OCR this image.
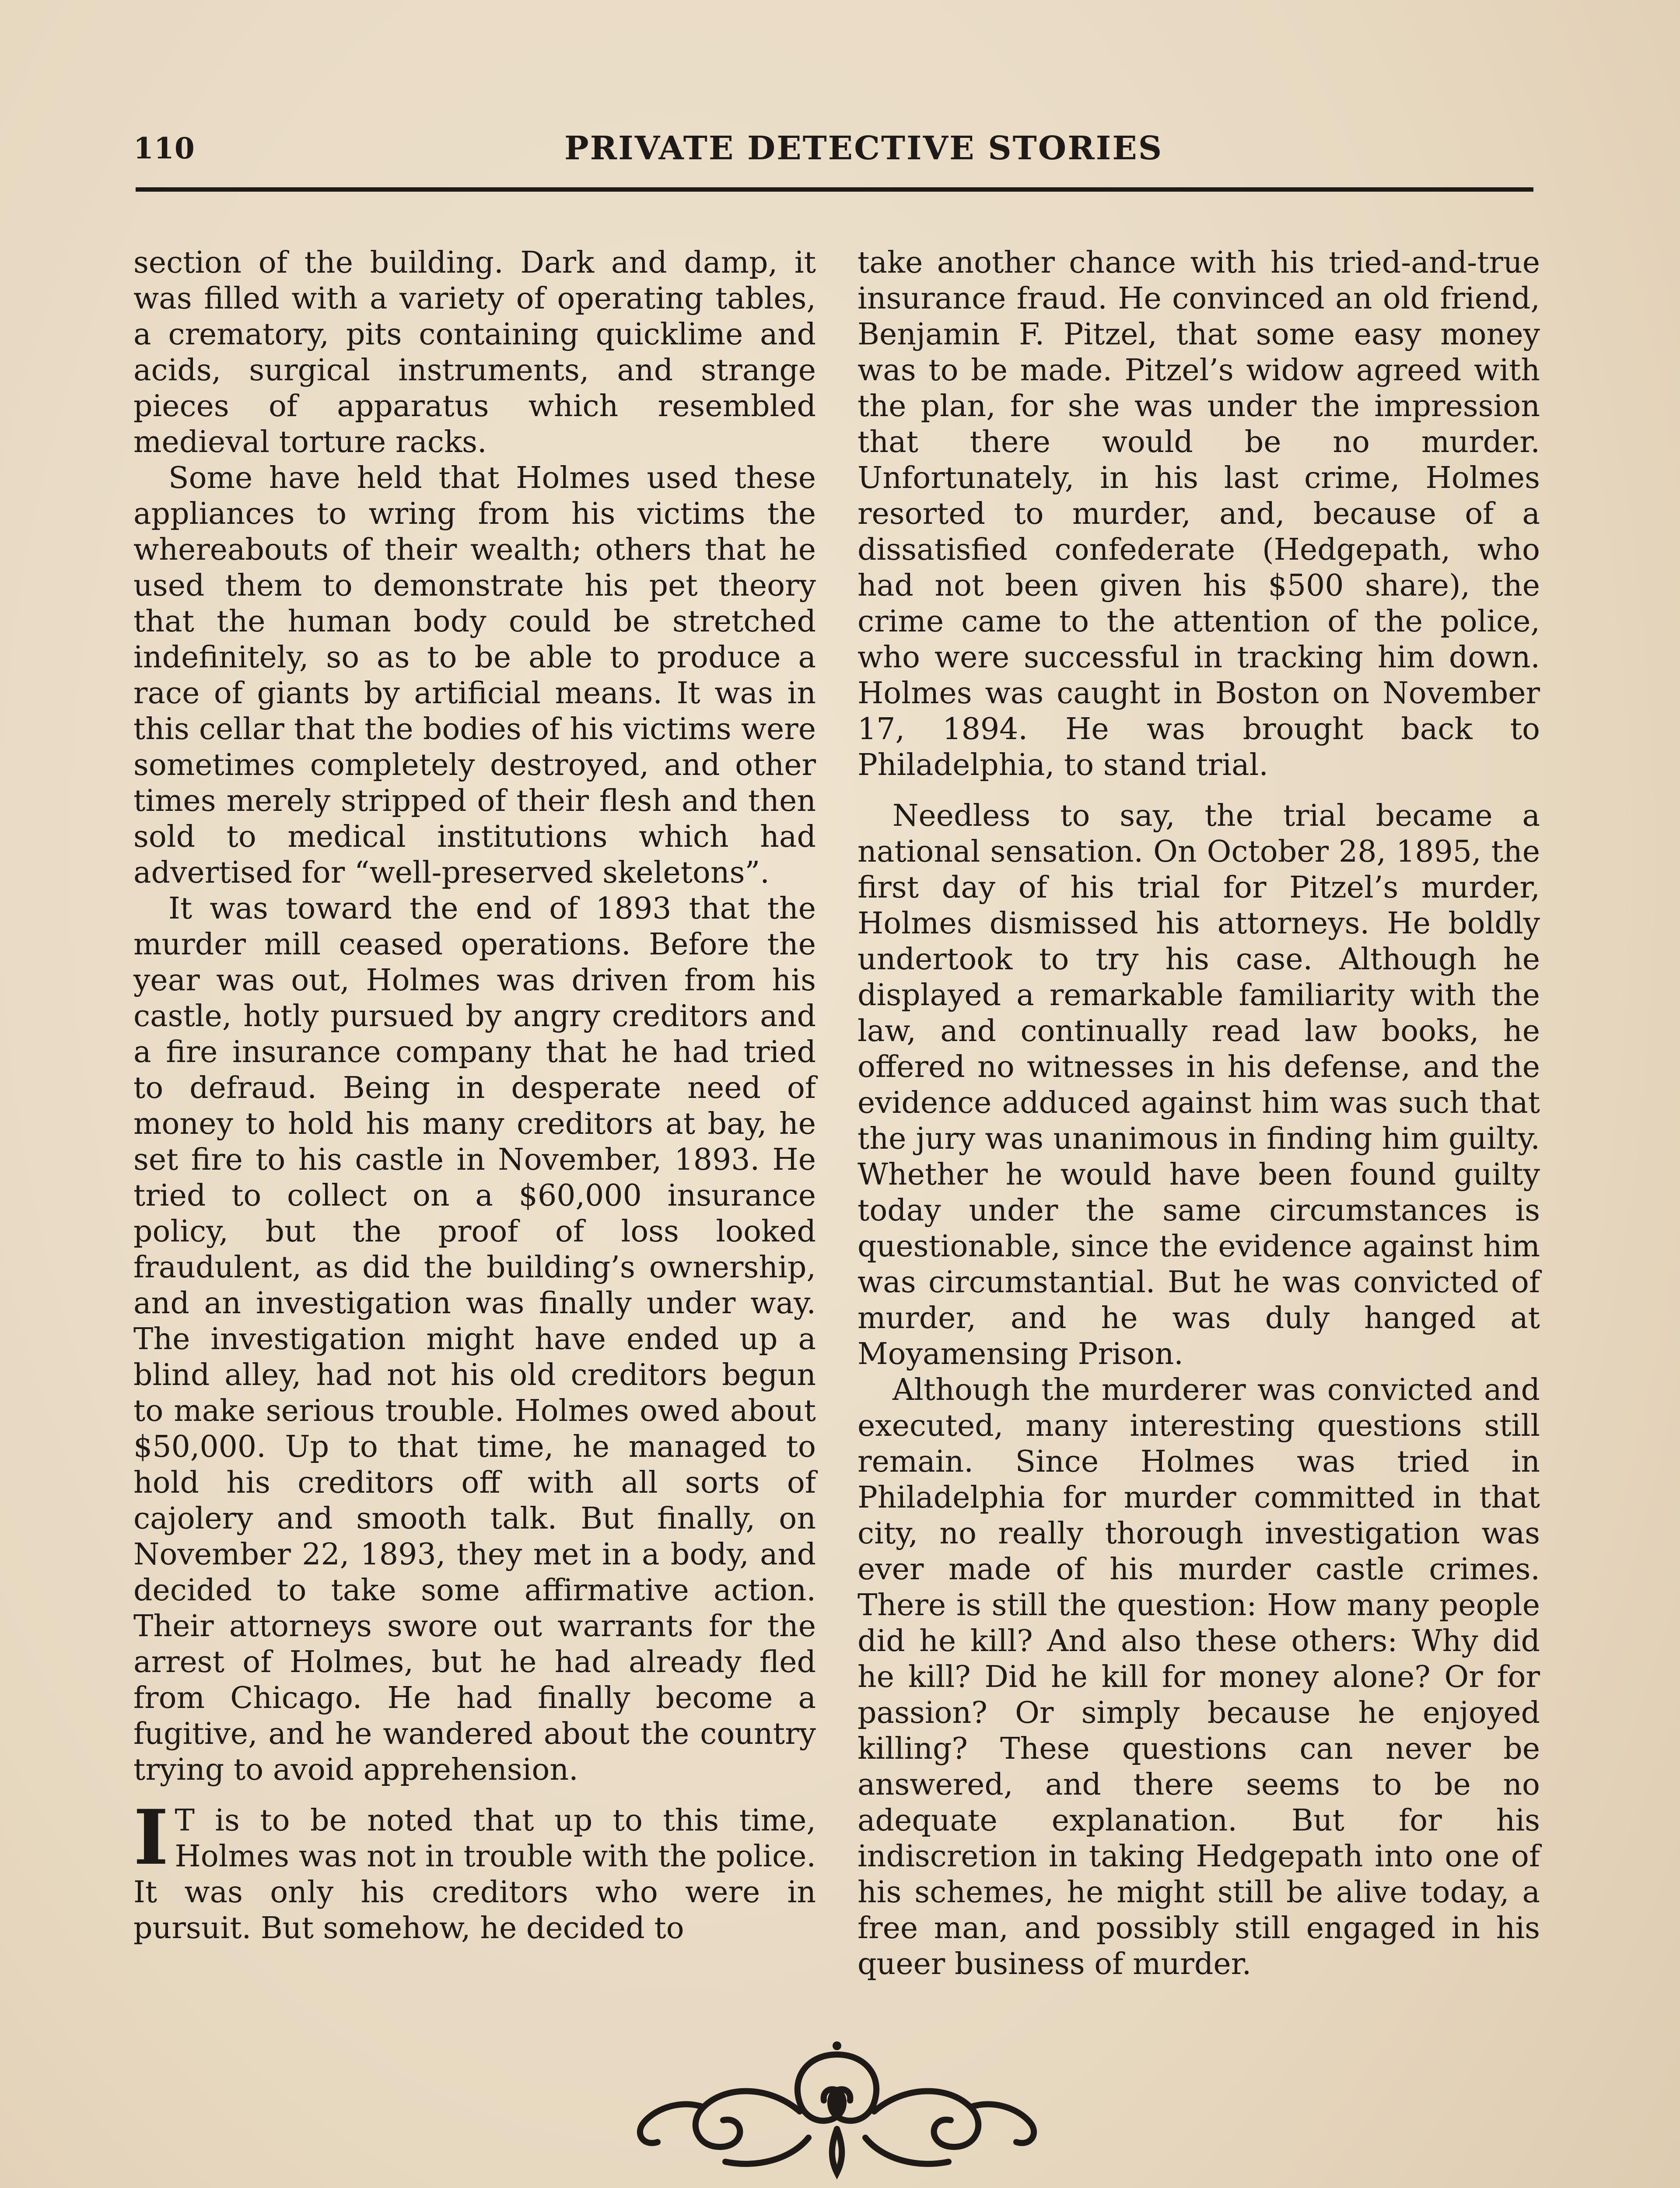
110	PRIVATE DETECTIVE STORIES

section of the building. Dark and damp, it was filled with a variety of operating tables, a crematory, pits containing quicklime and acids, surgical instruments, and strange pieces of apparatus which resembled medieval torture racks.

Some have held that Holmes used these appliances to wring from his victims the whereabouts of their wealth; others that he used them to demonstrate his pet theory that the human body could be stretched indefinitely, so as to be able to produce a race of giants by artificial means. It was in this cellar that the bodies of his victims were sometimes completely destroyed, and other times merely stripped of their flesh and then sold to medical institutions which had advertised for “well-preserved skeletons”.

It was toward the end of 1893 that the murder mill ceased operations. Before the year was out, Holmes was driven from his castle, hotly pursued by angry creditors and a fire insurance company that he had tried to defraud. Being in desperate need of money to hold his many creditors at bay, he set fire to his castle in November, 1893. He tried to collect on a $60,000 insurance policy, but the proof of loss looked fraudulent, as did the building’s ownership, and an investigation was finally under way. The investigation might have ended up a blind alley, had not his old creditors begun to make serious trouble. Holmes owed about $50,000. Up to that time, he managed to hold his creditors off with all sorts of cajolery and smooth talk. But finally, on November 22, 1893, they met in a body, and decided to take some affirmative action. Their attorneys swore out warrants for the arrest of Holmes, but he had already fled from Chicago. He had finally become a fugitive, and he wandered about the country trying to avoid apprehension.

I T is to be noted that up to this time, Holmes was not in trouble with the police. It was only his creditors who were in pursuit. But somehow, he decided to

take another chance with his tried-and-true insurance fraud. He convinced an old friend, Benjamin F. Pitzel, that some easy money was to be made. Pitzel’s widow agreed with the plan, for she was under the impression that there would be no murder. Unfortunately, in his last crime, Holmes resorted to murder, and, because of a dissatisfied confederate (Hedgepath, who had not been given his $500 share), the crime came to the attention of the police, who were successful in tracking him down. Holmes was caught in Boston on November 17, 1894. He was brought back to Philadelphia, to stand trial.

Needless to say, the trial became a national sensation. On October 28, 1895, the first day of his trial for Pitzel’s murder, Holmes dismissed his attorneys. He boldly undertook to try his case. Although he displayed a remarkable familiarity with the law, and continually read law books, he offered no witnesses in his defense, and the evidence adduced against him was such that the jury was unanimous in finding him guilty. Whether he would have been found guilty today under the same circumstances is questionable, since the evidence against him was circumstantial. But he was convicted of murder, and he was duly hanged at Moyamensing Prison.

Although the murderer was convicted and executed, many interesting questions still remain. Since Holmes was tried in Philadelphia for murder committed in that city, no really thorough investigation was ever made of his murder castle crimes. There is still the question: How many people did he kill? And also these others: Why did he kill? Did he kill for money alone? Or for passion? Or simply because he enjoyed killing? These questions can never be answered, and there seems to be no adequate explanation. But for his indiscretion in taking Hedgepath into one of his schemes, he might still be alive today, a free man, and possibly still engaged in his queer business of murder.
